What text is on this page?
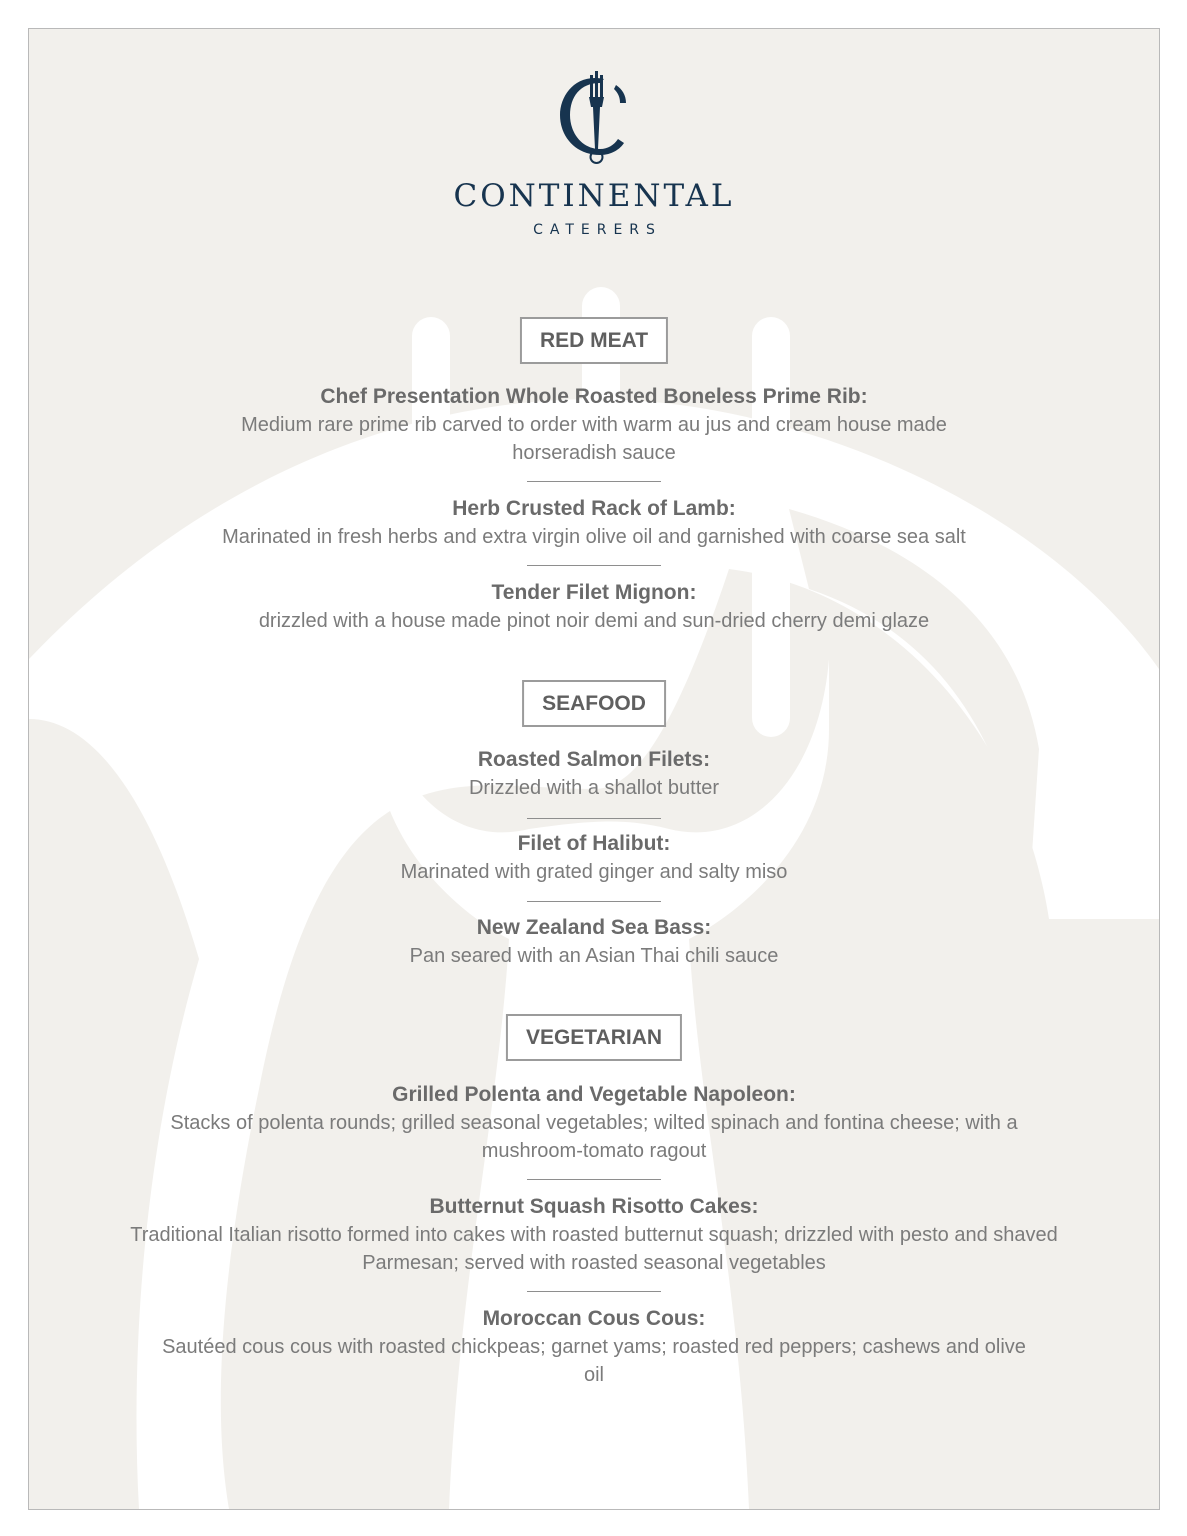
CONTINENTAL
CATERERS
RED MEAT
Chef Presentation Whole Roasted Boneless Prime Rib:
Medium rare prime rib carved to order with warm au jus and cream house made horseradish sauce
Herb Crusted Rack of Lamb:
Marinated in fresh herbs and extra virgin olive oil and garnished with coarse sea salt
Tender Filet Mignon:
drizzled with a house made pinot noir demi and sun-dried cherry demi glaze
SEAFOOD
Roasted Salmon Filets:
Drizzled with a shallot butter
Filet of Halibut:
Marinated with grated ginger and salty miso
New Zealand Sea Bass:
Pan seared with an Asian Thai chili sauce
VEGETARIAN
Grilled Polenta and Vegetable Napoleon:
Stacks of polenta rounds; grilled seasonal vegetables; wilted spinach and fontina cheese; with a mushroom-tomato ragout
Butternut Squash Risotto Cakes:
Traditional Italian risotto formed into cakes with roasted butternut squash; drizzled with pesto and shaved Parmesan; served with roasted seasonal vegetables
Moroccan Cous Cous:
Sautéed cous cous with roasted chickpeas; garnet yams; roasted red peppers; cashews and olive oil
